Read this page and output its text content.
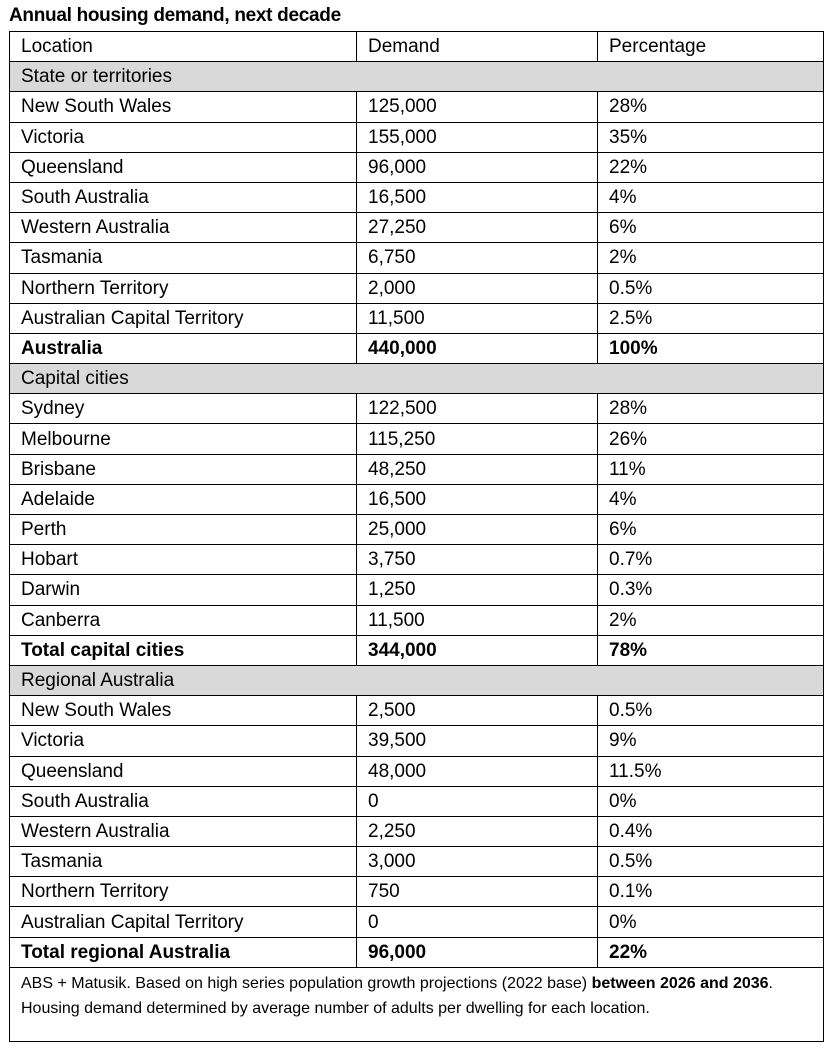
Annual housing demand, next decade
Location	Demand	Percentage
State or territories		
New South Wales	125,000	28%
Victoria	155,000	35%
Queensland	96,000	22%
South Australia	16,500	4%
Western Australia	27,250	6%
Tasmania	6,750	2%
Northern Territory	2,000	0.5%
Australian Capital Territory	11,500	2.5%
Australia	440,000	100%
Capital cities		
Sydney	122,500	28%
Melbourne	115,250	26%
Brisbane	48,250	11%
Adelaide	16,500	4%
Perth	25,000	6%
Hobart	3,750	0.7%
Darwin	1,250	0.3%
Canberra	11,500	2%
Total capital cities	344,000	78%
Regional Australia		
New South Wales	2,500	0.5%
Victoria	39,500	9%
Queensland	48,000	11.5%
South Australia	0	0%
Western Australia	2,250	0.4%
Tasmania	3,000	0.5%
Northern Territory	750	0.1%
Australian Capital Territory	0	0%
Total regional Australia	96,000	22%
ABS + Matusik. Based on high series population growth projections (2022 base) between 2026 and 2036. Housing demand determined by average number of adults per dwelling for each location.		
